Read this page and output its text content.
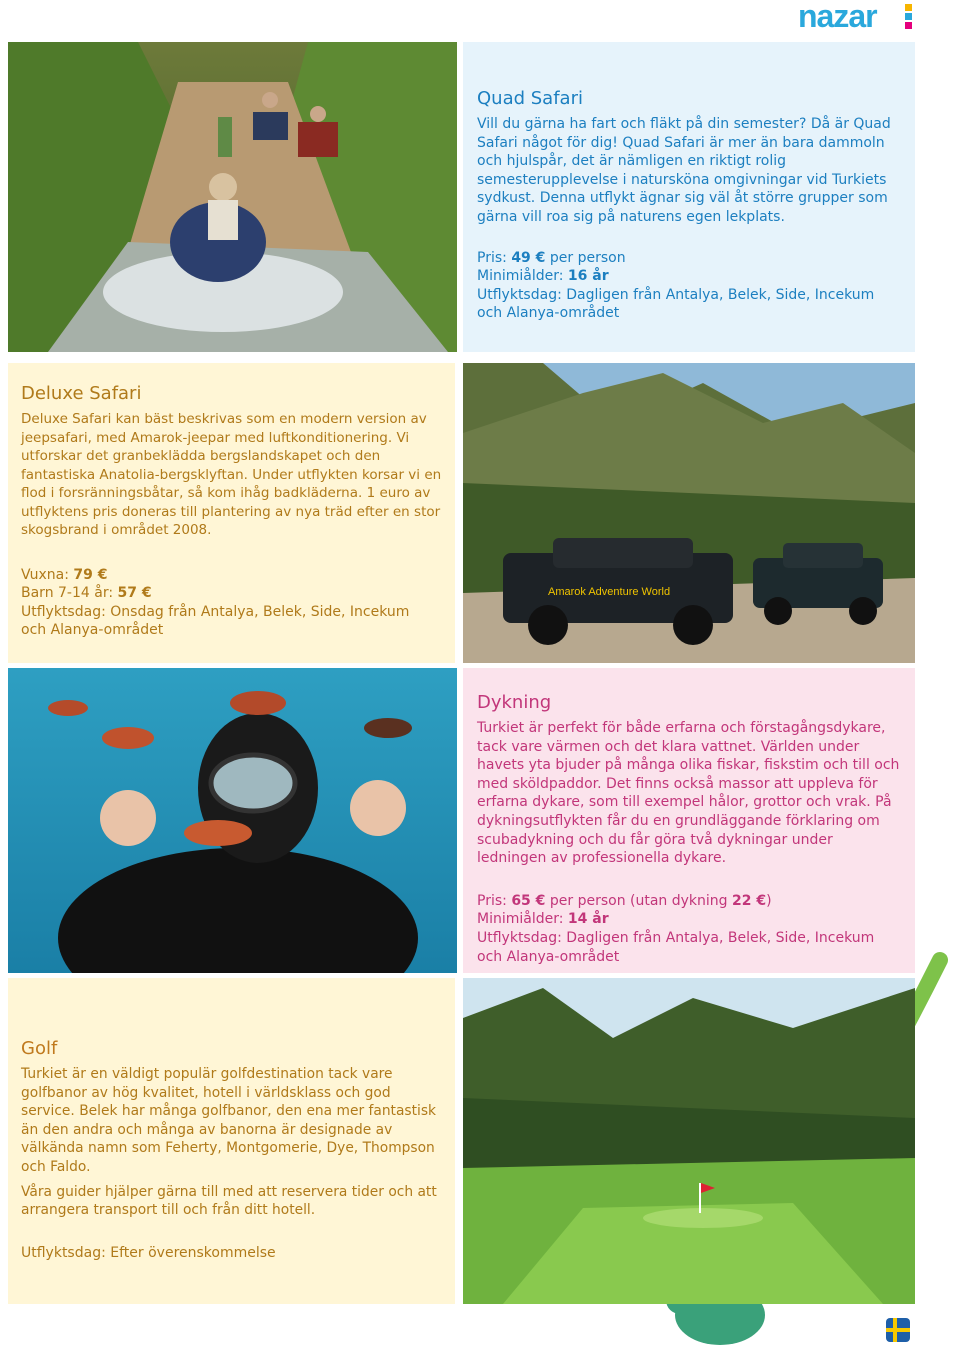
nazar
Quad Safari

Vill du gärna ha fart och fläkt på din semester? Då är Quad Safari något för dig! Quad Safari är mer än bara dammoln och hjulspår, det är nämligen en riktigt rolig semesterupplevelse i natursköna omgivningar vid Turkiets sydkust. Denna utflykt ägnar sig väl åt större grupper som gärna vill roa sig på naturens egen lekplats.

Pris: 49 € per person
Minimiålder: 16 år
Utflyktsdag: Dagligen från Antalya, Belek, Side, Incekum
och Alanya-området
Deluxe Safari

Deluxe Safari kan bäst beskrivas som en modern version av jeepsafari, med Amarok-jeepar med luftkonditionering. Vi utforskar det granbeklädda bergslandskapet och den fantastiska Anatolia-bergsklyftan. Under utflykten korsar vi en flod i forsränningsbåtar, så kom ihåg badkläderna. 1 euro av utflyktens pris doneras till plantering av nya träd efter en stor skogsbrand i området 2008.

Vuxna: 79 €
Barn 7-14 år: 57 €
Utflyktsdag: Onsdag från Antalya, Belek, Side, Incekum
och Alanya-området
Amarok Adventure World
Dykning

Turkiet är perfekt för både erfarna och förstagångsdykare, tack vare värmen och det klara vattnet. Världen under havets yta bjuder på många olika fiskar, fiskstim och till och med sköldpaddor. Det finns också massor att uppleva för erfarna dykare, som till exempel hålor, grottor och vrak. På dykningsutflykten får du en grundläggande förklaring om scubadykning och du får göra två dykningar under ledningen av professionella dykare.

Pris: 65 € per person (utan dykning 22 €)
Minimiålder: 14 år
Utflyktsdag: Dagligen från Antalya, Belek, Side, Incekum
och Alanya-området
Golf

Turkiet är en väldigt populär golfdestination tack vare golfbanor av hög kvalitet, hotell i världsklass och god service. Belek har många golfbanor, den ena mer fantastisk än den andra och många av banorna är designade av välkända namn som Feherty, Montgomerie, Dye, Thompson och Faldo.

Våra guider hjälper gärna till med att reservera tider och att arrangera transport till och från ditt hotell.

Utflyktsdag: Efter överenskommelse
